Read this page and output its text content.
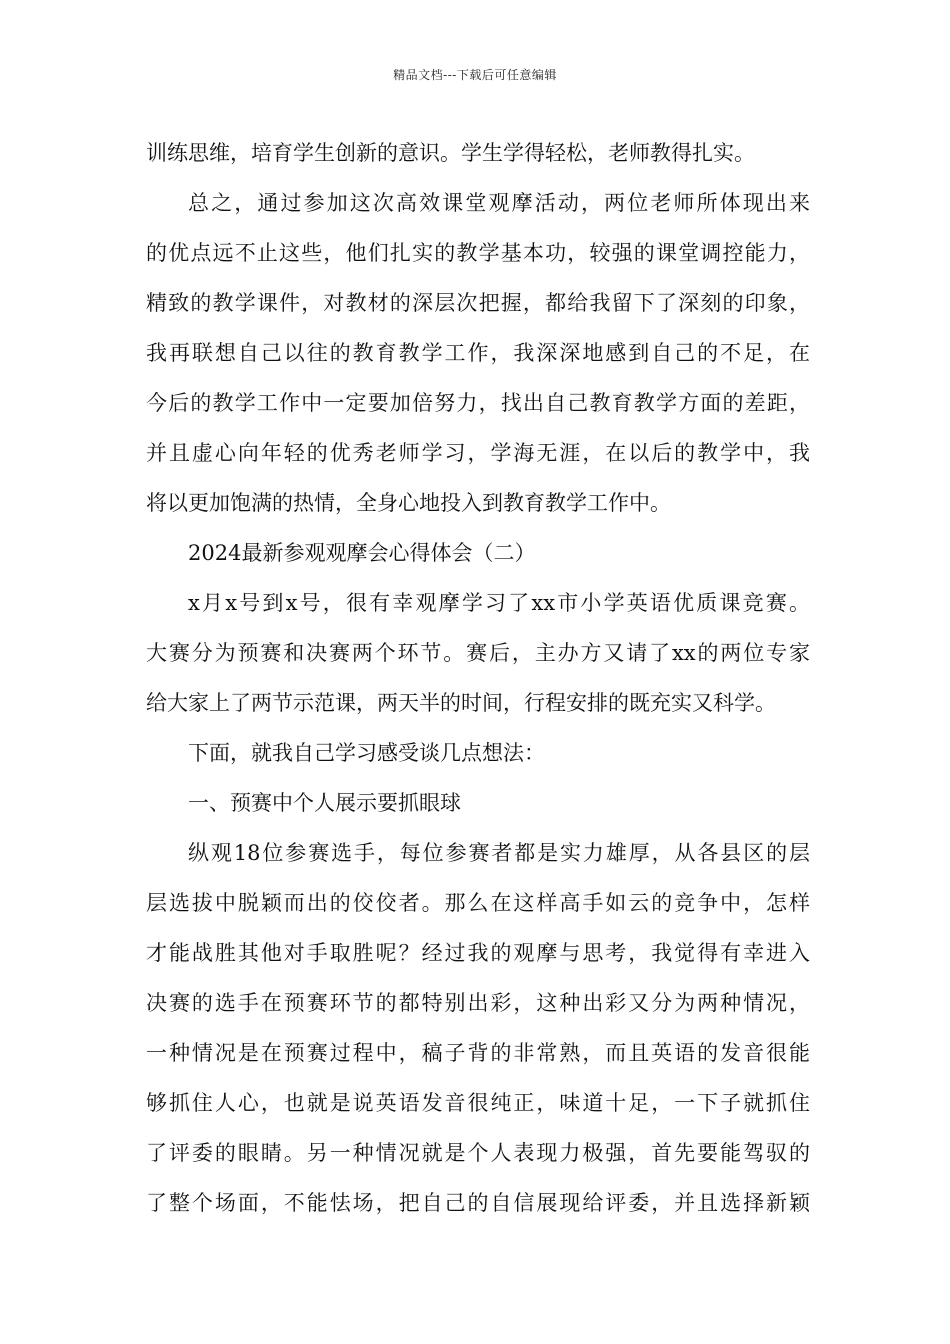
精品文档---下载后可任意编辑
训练思维，培育学生创新的意识。学生学得轻松，老师教得扎实。
总之，通过参加这次高效课堂观摩活动，两位老师所体现出来
的优点远不止这些，他们扎实的教学基本功，较强的课堂调控能力，
精致的教学课件，对教材的深层次把握，都给我留下了深刻的印象，
我再联想自己以往的教育教学工作，我深深地感到自己的不足，在
今后的教学工作中一定要加倍努力，找出自己教育教学方面的差距，
并且虚心向年轻的优秀老师学习，学海无涯，在以后的教学中，我
将以更加饱满的热情，全身心地投入到教育教学工作中。
2024最新参观观摩会心得体会（二）
x月x号到x号，很有幸观摩学习了xx市小学英语优质课竞赛。
大赛分为预赛和决赛两个环节。赛后，主办方又请了xx的两位专家
给大家上了两节示范课，两天半的时间，行程安排的既充实又科学。
下面，就我自己学习感受谈几点想法：
一、预赛中个人展示要抓眼球
纵观18位参赛选手，每位参赛者都是实力雄厚，从各县区的层
层选拔中脱颖而出的佼佼者。那么在这样高手如云的竞争中，怎样
才能战胜其他对手取胜呢？经过我的观摩与思考，我觉得有幸进入
决赛的选手在预赛环节的都特别出彩，这种出彩又分为两种情况，
一种情况是在预赛过程中，稿子背的非常熟，而且英语的发音很能
够抓住人心，也就是说英语发音很纯正，味道十足，一下子就抓住
了评委的眼睛。另一种情况就是个人表现力极强，首先要能驾驭的
了整个场面，不能怯场，把自己的自信展现给评委，并且选择新颖
